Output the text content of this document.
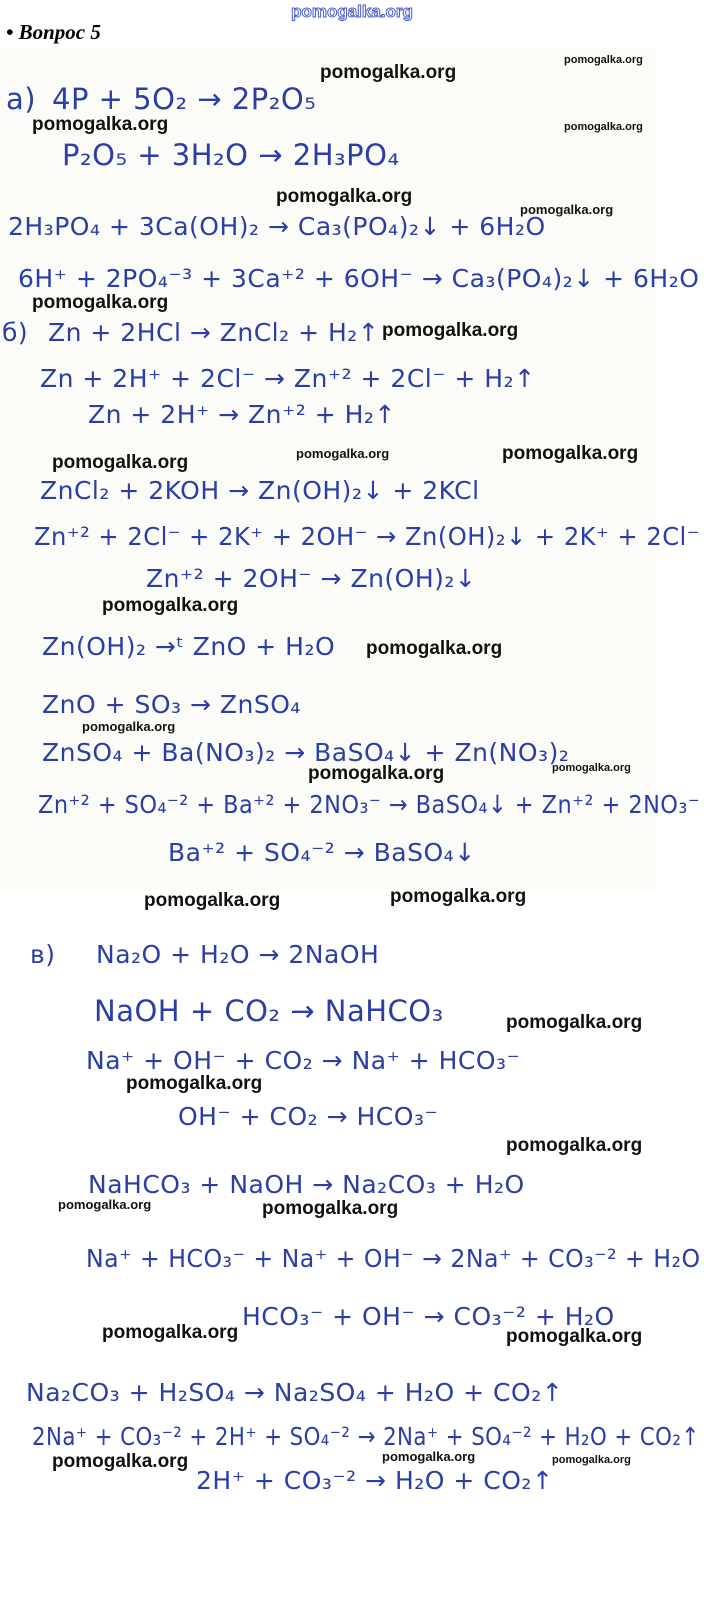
pomogalka.org
• Вопрос 5
а) 4P + 5O₂ → 2P₂O₅
P₂O₅ + 3H₂O → 2H₃PO₄
2H₃PO₄ + 3Ca(OH)₂ → Ca₃(PO₄)₂↓ + 6H₂O
6H⁺ + 2PO₄⁻³ + 3Ca⁺² + 6OH⁻ → Ca₃(PO₄)₂↓ + 6H₂O
б) Zn + 2HCl → ZnCl₂ + H₂↑
Zn + 2H⁺ + 2Cl⁻ → Zn⁺² + 2Cl⁻ + H₂↑
Zn + 2H⁺ → Zn⁺² + H₂↑
ZnCl₂ + 2KOH → Zn(OH)₂↓ + 2KCl
Zn⁺² + 2Cl⁻ + 2K⁺ + 2OH⁻ → Zn(OH)₂↓ + 2K⁺ + 2Cl⁻
Zn⁺² + 2OH⁻ → Zn(OH)₂↓
Zn(OH)₂ →ᵗ ZnO + H₂O
ZnO + SO₃ → ZnSO₄
ZnSO₄ + Ba(NO₃)₂ → BaSO₄↓ + Zn(NO₃)₂
Zn⁺² + SO₄⁻² + Ba⁺² + 2NO₃⁻ → BaSO₄↓ + Zn⁺² + 2NO₃⁻
Ba⁺² + SO₄⁻² → BaSO₄↓
в) Na₂O + H₂O → 2NaOH
NaOH + CO₂ → NaHCO₃
Na⁺ + OH⁻ + CO₂ → Na⁺ + HCO₃⁻
OH⁻ + CO₂ → HCO₃⁻
NaHCO₃ + NaOH → Na₂CO₃ + H₂O
Na⁺ + HCO₃⁻ + Na⁺ + OH⁻ → 2Na⁺ + CO₃⁻² + H₂O
HCO₃⁻ + OH⁻ → CO₃⁻² + H₂O
Na₂CO₃ + H₂SO₄ → Na₂SO₄ + H₂O + CO₂↑
2Na⁺ + CO₃⁻² + 2H⁺ + SO₄⁻² → 2Na⁺ + SO₄⁻² + H₂O + CO₂↑
2H⁺ + CO₃⁻² → H₂O + CO₂↑
pomogalka.org
pomogalka.org
pomogalka.org	pomogalka.org
pomogalka.org
pomogalka.org
pomogalka.org
pomogalka.org
pomogalka.org	pomogalka.org
pomogalka.org
pomogalka.org
pomogalka.org
pomogalka.org
pomogalka.org	pomogalka.org
pomogalka.org	pomogalka.org
pomogalka.org
pomogalka.org
pomogalka.org
pomogalka.org	pomogalka.org
pomogalka.org	pomogalka.org
pomogalka.org	pomogalka.org	pomogalka.org
